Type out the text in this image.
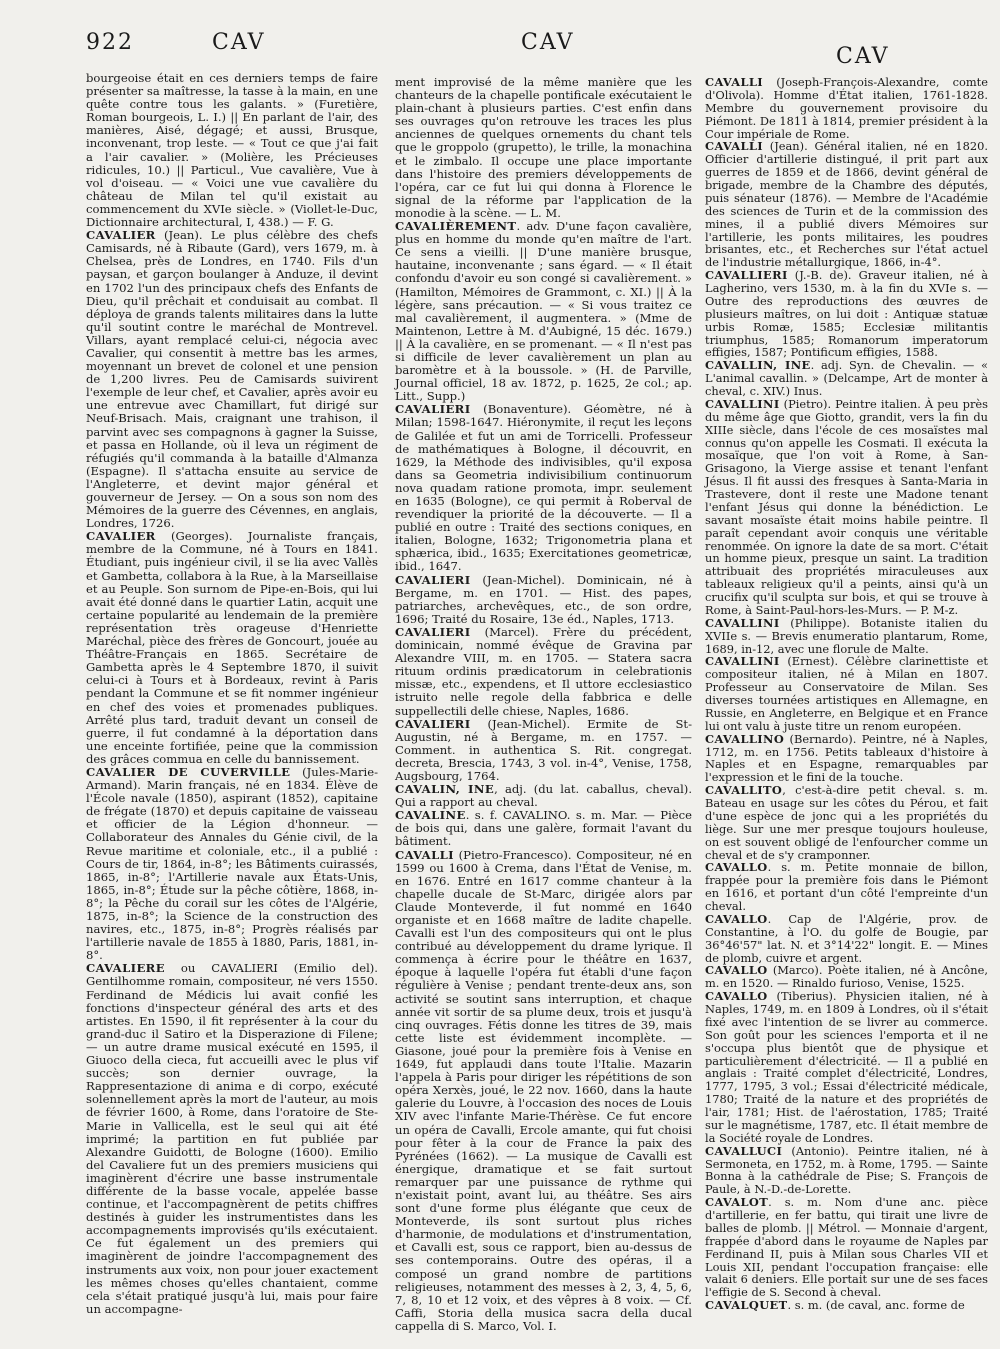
922	CAV	CAV
CAV

bourgeoise était en ces derniers temps de faire présenter sa maîtresse, la tasse à la main, en une quête contre tous les galants. » (Furetière, Roman bourgeois, L. I.) || En parlant de l'air, des manières, Aisé, dégagé; et aussi, Brusque, inconvenant, trop leste. — « Tout ce que j'ai fait a l'air cavalier. » (Molière, les Précieuses ridicules, 10.) || Particul., Vue cavalière, Vue à vol d'oiseau. — « Voici une vue cavalière du château de Milan tel qu'il existait au commencement du XVIe siècle. » (Viollet-le-Duc, Dictionnaire architectural, I, 438.) — F. G.

CAVALIER (Jean). Le plus célèbre des chefs Camisards, né à Ribaute (Gard), vers 1679, m. à Chelsea, près de Londres, en 1740. Fils d'un paysan, et garçon boulanger à Anduze, il devint en 1702 l'un des principaux chefs des Enfants de Dieu, qu'il prêchait et conduisait au combat. Il déploya de grands talents militaires dans la lutte qu'il soutint contre le maréchal de Montrevel. Villars, ayant remplacé celui-ci, négocia avec Cavalier, qui consentit à mettre bas les armes, moyennant un brevet de colonel et une pension de 1,200 livres. Peu de Camisards suivirent l'exemple de leur chef, et Cavalier, après avoir eu une entrevue avec Chamillart, fut dirigé sur Neuf-Brisach. Mais, craignant une trahison, il parvint avec ses compagnons à gagner la Suisse, et passa en Hollande, où il leva un régiment de réfugiés qu'il commanda à la bataille d'Almanza (Espagne). Il s'attacha ensuite au service de l'Angleterre, et devint major général et gouverneur de Jersey. — On a sous son nom des Mémoires de la guerre des Cévennes, en anglais, Londres, 1726.

CAVALIER (Georges). Journaliste français, membre de la Commune, né à Tours en 1841. Étudiant, puis ingénieur civil, il se lia avec Vallès et Gambetta, collabora à la Rue, à la Marseillaise et au Peuple. Son surnom de Pipe-en-Bois, qui lui avait été donné dans le quartier Latin, acquit une certaine popularité au lendemain de la première représentation très orageuse d'Henriette Maréchal, pièce des frères de Goncourt, jouée au Théâtre-Français en 1865. Secrétaire de Gambetta après le 4 Septembre 1870, il suivit celui-ci à Tours et à Bordeaux, revint à Paris pendant la Commune et se fit nommer ingénieur en chef des voies et promenades publiques. Arrêté plus tard, traduit devant un conseil de guerre, il fut condamné à la déportation dans une enceinte fortifiée, peine que la commission des grâces commua en celle du bannissement.

CAVALIER DE CUVERVILLE (Jules-Marie-Armand). Marin français, né en 1834. Élève de l'École navale (1850), aspirant (1852), capitaine de frégate (1870) et depuis capitaine de vaisseau et officier de la Légion d'honneur. — Collaborateur des Annales du Génie civil, de la Revue maritime et coloniale, etc., il a publié : Cours de tir, 1864, in-8°; les Bâtiments cuirassés, 1865, in-8°; l'Artillerie navale aux États-Unis, 1865, in-8°; Étude sur la pêche côtière, 1868, in-8°; la Pêche du corail sur les côtes de l'Algérie, 1875, in-8°; la Science de la construction des navires, etc., 1875, in-8°; Progrès réalisés par l'artillerie navale de 1855 à 1880, Paris, 1881, in-8°.

CAVALIERE ou CAVALIERI (Emilio del). Gentilhomme romain, compositeur, né vers 1550. Ferdinand de Médicis lui avait confié les fonctions d'inspecteur général des arts et des artistes. En 1590, il fit représenter à la cour du grand-duc il Satiro et la Disperazione di Filene; — un autre drame musical exécuté en 1595, il Giuoco della cieca, fut accueilli avec le plus vif succès; son dernier ouvrage, la Rappresentazione di anima e di corpo, exécuté solennellement après la mort de l'auteur, au mois de février 1600, à Rome, dans l'oratoire de Ste-Marie in Vallicella, est le seul qui ait été imprimé; la partition en fut publiée par Alexandre Guidotti, de Bologne (1600). Emilio del Cavaliere fut un des premiers musiciens qui imaginèrent d'écrire une basse instrumentale différente de la basse vocale, appelée basse continue, et l'accompagnèrent de petits chiffres destinés à guider les instrumentistes dans les accompagnements improvisés qu'ils exécutaient. Ce fut également un des premiers qui imaginèrent de joindre l'accompagnement des instruments aux voix, non pour jouer exactement les mêmes choses qu'elles chantaient, comme cela s'était pratiqué jusqu'à lui, mais pour faire un accompagne-

ment improvisé de la même manière que les chanteurs de la chapelle pontificale exécutaient le plain-chant à plusieurs parties. C'est enfin dans ses ouvrages qu'on retrouve les traces les plus anciennes de quelques ornements du chant tels que le groppolo (grupetto), le trille, la monachina et le zimbalo. Il occupe une place importante dans l'histoire des premiers développements de l'opéra, car ce fut lui qui donna à Florence le signal de la réforme par l'application de la monodie à la scène. — L. M.

CAVALIÈREMENT. adv. D'une façon cavalière, plus en homme du monde qu'en maître de l'art. Ce sens a vieilli. || D'une manière brusque, hautaine, inconvenante ; sans égard. — « Il était confondu d'avoir eu son congé si cavalièrement. » (Hamilton, Mémoires de Grammont, c. XI.) || À la légère, sans précaution. — « Si vous traitez ce mal cavalièrement, il augmentera. » (Mme de Maintenon, Lettre à M. d'Aubigné, 15 déc. 1679.) || À la cavalière, en se promenant. — « Il n'est pas si difficile de lever cavalièrement un plan au baromètre et à la boussole. » (H. de Parville, Journal officiel, 18 av. 1872, p. 1625, 2e col.; ap. Litt., Supp.)

CAVALIERI (Bonaventure). Géomètre, né à Milan; 1598-1647. Hiéronymite, il reçut les leçons de Galilée et fut un ami de Torricelli. Professeur de mathématiques à Bologne, il découvrit, en 1629, la Méthode des indivisibles, qu'il exposa dans sa Geometria indivisibilium continuorum nova quadam ratione promota, impr. seulement en 1635 (Bologne), ce qui permit à Roberval de revendiquer la priorité de la découverte. — Il a publié en outre : Traité des sections coniques, en italien, Bologne, 1632; Trigonometria plana et sphærica, ibid., 1635; Exercitationes geometricæ, ibid., 1647.

CAVALIERI (Jean-Michel). Dominicain, né à Bergame, m. en 1701. — Hist. des papes, patriarches, archevêques, etc., de son ordre, 1696; Traité du Rosaire, 13e éd., Naples, 1713.

CAVALIERI (Marcel). Frère du précédent, dominicain, nommé évêque de Gravina par Alexandre VIII, m. en 1705. — Statera sacra rituum ordinis prædicatorum in celebrationis missæ, etc., expendens, et Il uttore ecclesiastico istruito nelle regole della fabbrica e delle suppellectili delle chiese, Naples, 1686.

CAVALIERI (Jean-Michel). Ermite de St-Augustin, né à Bergame, m. en 1757. — Comment. in authentica S. Rit. congregat. decreta, Brescia, 1743, 3 vol. in-4°, Venise, 1758, Augsbourg, 1764.

CAVALIN, INE, adj. (du lat. caballus, cheval). Qui a rapport au cheval.

CAVALINE. s. f. CAVALINO. s. m. Mar. — Pièce de bois qui, dans une galère, formait l'avant du bâtiment.

CAVALLI (Pietro-Francesco). Compositeur, né en 1599 ou 1600 à Crema, dans l'État de Venise, m. en 1676. Entré en 1617 comme chanteur à la chapelle ducale de St-Marc, dirigée alors par Claude Monteverde, il fut nommé en 1640 organiste et en 1668 maître de ladite chapelle. Cavalli est l'un des compositeurs qui ont le plus contribué au développement du drame lyrique. Il commença à écrire pour le théâtre en 1637, époque à laquelle l'opéra fut établi d'une façon régulière à Venise ; pendant trente-deux ans, son activité se soutint sans interruption, et chaque année vit sortir de sa plume deux, trois et jusqu'à cinq ouvrages. Fétis donne les titres de 39, mais cette liste est évidemment incomplète. — Giasone, joué pour la première fois à Venise en 1649, fut applaudi dans toute l'Italie. Mazarin l'appela à Paris pour diriger les répétitions de son opéra Xerxès, joué, le 22 nov. 1660, dans la haute galerie du Louvre, à l'occasion des noces de Louis XIV avec l'infante Marie-Thérèse. Ce fut encore un opéra de Cavalli, Ercole amante, qui fut choisi pour fêter à la cour de France la paix des Pyrénées (1662). — La musique de Cavalli est énergique, dramatique et se fait surtout remarquer par une puissance de rythme qui n'existait point, avant lui, au théâtre. Ses airs sont d'une forme plus élégante que ceux de Monteverde, ils sont surtout plus riches d'harmonie, de modulations et d'instrumentation, et Cavalli est, sous ce rapport, bien au-dessus de ses contemporains. Outre des opéras, il a composé un grand nombre de partitions religieuses, notamment des messes à 2, 3, 4, 5, 6, 7, 8, 10 et 12 voix, et des vêpres à 8 voix. — Cf. Caffi, Storia della musica sacra della ducal cappella di S. Marco, Vol. I.

CAVALLI (Joseph-François-Alexandre, comte d'Olivola). Homme d'État italien, 1761-1828. Membre du gouvernement provisoire du Piémont. De 1811 à 1814, premier président à la Cour impériale de Rome.

CAVALLI (Jean). Général italien, né en 1820. Officier d'artillerie distingué, il prit part aux guerres de 1859 et de 1866, devint général de brigade, membre de la Chambre des députés, puis sénateur (1876). — Membre de l'Académie des sciences de Turin et de la commission des mines, il a publié divers Mémoires sur l'artillerie, les ponts militaires, les poudres brisantes, etc., et Recherches sur l'état actuel de l'industrie métallurgique, 1866, in-4°.

CAVALLIERI (J.-B. de). Graveur italien, né à Lagherino, vers 1530, m. à la fin du XVIe s. — Outre des reproductions des œuvres de plusieurs maîtres, on lui doit : Antiquæ statuæ urbis Romæ, 1585; Ecclesiæ militantis triumphus, 1585; Romanorum imperatorum effigies, 1587; Pontificum effigies, 1588.

CAVALLIN, INE. adj. Syn. de Chevalin. — « L'animal cavallin. » (Delcampe, Art de monter à cheval, c. XIV.) Inus.

CAVALLINI (Pietro). Peintre italien. À peu près du même âge que Giotto, grandit, vers la fin du XIIIe siècle, dans l'école de ces mosaïstes mal connus qu'on appelle les Cosmati. Il exécuta la mosaïque, que l'on voit à Rome, à San-Grisagono, la Vierge assise et tenant l'enfant Jésus. Il fit aussi des fresques à Santa-Maria in Trastevere, dont il reste une Madone tenant l'enfant Jésus qui donne la bénédiction. Le savant mosaïste était moins habile peintre. Il paraît cependant avoir conquis une véritable renommée. On ignore la date de sa mort. C'était un homme pieux, presque un saint. La tradition attribuait des propriétés miraculeuses aux tableaux religieux qu'il a peints, ainsi qu'à un crucifix qu'il sculpta sur bois, et qui se trouve à Rome, à Saint-Paul-hors-les-Murs. — P. M-z.

CAVALLINI (Philippe). Botaniste italien du XVIIe s. — Brevis enumeratio plantarum, Rome, 1689, in-12, avec une florule de Malte.

CAVALLINI (Ernest). Célèbre clarinettiste et compositeur italien, né à Milan en 1807. Professeur au Conservatoire de Milan. Ses diverses tournées artistiques en Allemagne, en Russie, en Angleterre, en Belgique et en France lui ont valu à juste titre un renom européen.

CAVALLINO (Bernardo). Peintre, né à Naples, 1712, m. en 1756. Petits tableaux d'histoire à Naples et en Espagne, remarquables par l'expression et le fini de la touche.

CAVALLITO, c'est-à-dire petit cheval. s. m. Bateau en usage sur les côtes du Pérou, et fait d'une espèce de jonc qui a les propriétés du liège. Sur une mer presque toujours houleuse, on est souvent obligé de l'enfourcher comme un cheval et de s'y cramponner.

CAVALLO. s. m. Petite monnaie de billon, frappée pour la première fois dans le Piémont en 1616, et portant d'un côté l'empreinte d'un cheval.

CAVALLO. Cap de l'Algérie, prov. de Constantine, à l'O. du golfe de Bougie, par 36°46'57" lat. N. et 3°14'22" longit. E. — Mines de plomb, cuivre et argent.

CAVALLO (Marco). Poète italien, né à Ancône, m. en 1520. — Rinaldo furioso, Venise, 1525.

CAVALLO (Tiberius). Physicien italien, né à Naples, 1749, m. en 1809 à Londres, où il s'était fixé avec l'intention de se livrer au commerce. Son goût pour les sciences l'emporta et il ne s'occupa plus bientôt que de physique et particulièrement d'électricité. — Il a publié en anglais : Traité complet d'électricité, Londres, 1777, 1795, 3 vol.; Essai d'électricité médicale, 1780; Traité de la nature et des propriétés de l'air, 1781; Hist. de l'aérostation, 1785; Traité sur le magnétisme, 1787, etc. Il était membre de la Société royale de Londres.

CAVALLUCI (Antonio). Peintre italien, né à Sermoneta, en 1752, m. à Rome, 1795. — Sainte Bonna à la cathédrale de Pise; S. François de Paule, à N.-D.-de-Lorette.

CAVALOT. s. m. Nom d'une anc. pièce d'artillerie, en fer battu, qui tirait une livre de balles de plomb. || Métrol. — Monnaie d'argent, frappée d'abord dans le royaume de Naples par Ferdinand II, puis à Milan sous Charles VII et Louis XII, pendant l'occupation française: elle valait 6 deniers. Elle portait sur une de ses faces l'effigie de S. Second à cheval.

CAVALQUET. s. m. (de caval, anc. forme de
